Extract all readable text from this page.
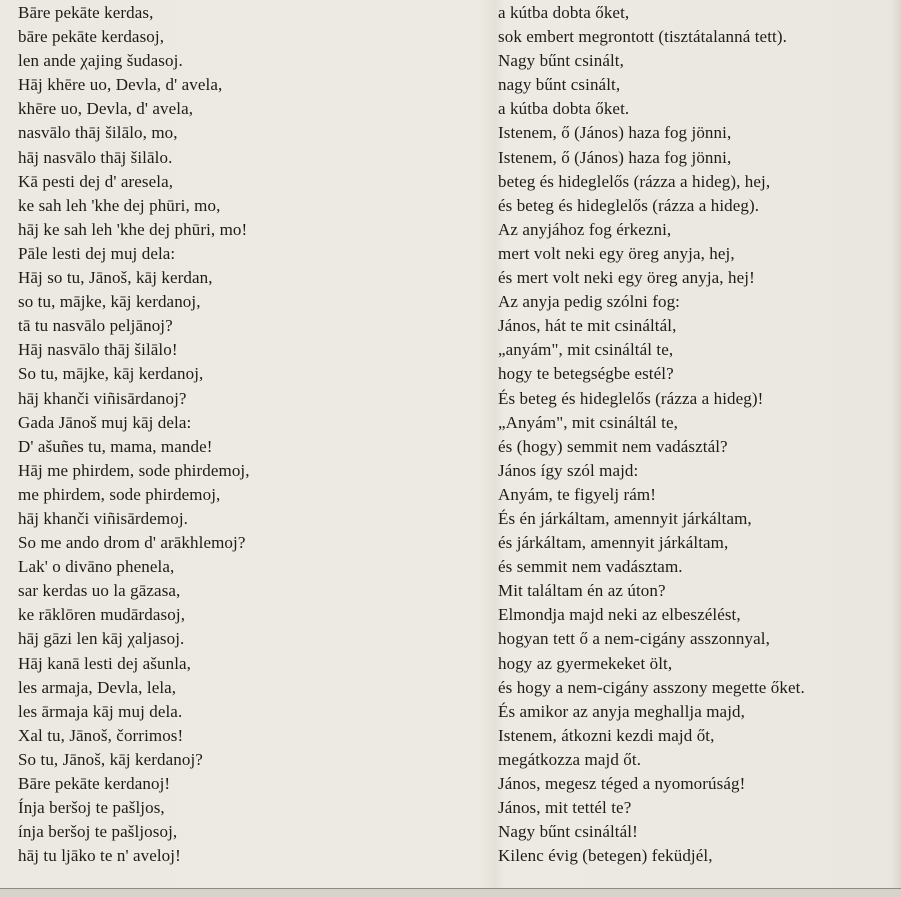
Bāre pekāte kerdas,
bāre pekāte kerdasoj,
len ande χajing šudasoj.
Hāj khēre uo, Devla, d' avela,
khēre uo, Devla, d' avela,
nasvālo thāj šilālo, mo,
hāj nasvālo thāj šilālo.
Kā pesti dej d' aresela,
ke sah leh 'khe dej phūri, mo,
hāj ke sah leh 'khe dej phūri, mo!
Pāle lesti dej muj dela:
Hāj so tu, Jānoš, kāj kerdan,
so tu, mājke, kāj kerdanoj,
tā tu nasvālo peljānoj?
Hāj nasvālo thāj šilālo!
So tu, mājke, kāj kerdanoj,
hāj khanči viñisārdanoj?
Gada Jānoš muj kāj dela:
D' ašuñes tu, mama, mande!
Hāj me phirdem, sode phirdemoj,
me phirdem, sode phirdemoj,
hāj khanči viñisārdemoj.
So me ando drom d' arākhlemoj?
Lak' o divāno phenela,
sar kerdas uo la gāzasa,
ke rāklōren mudārdasoj,
hāj gāzi len kāj χaljasoj.
Hāj kanā lesti dej ašunla,
les armaja, Devla, lela,
les ārmaja kāj muj dela.
Xal tu, Jānoš, čorrimos!
So tu, Jānoš, kāj kerdanoj?
Bāre pekāte kerdanoj!
Ínja beršoj te pašljos,
ínja beršoj te pašljosoj,
hāj tu ljāko te n' aveloj!
a kútba dobta őket,
sok embert megrontott (tisztátalanná tett).
Nagy bűnt csinált,
nagy bűnt csinált,
a kútba dobta őket.
Istenem, ő (János) haza fog jönni,
Istenem, ő (János) haza fog jönni,
beteg és hideglelős (rázza a hideg), hej,
és beteg és hideglelős (rázza a hideg).
Az anyjához fog érkezni,
mert volt neki egy öreg anyja, hej,
és mert volt neki egy öreg anyja, hej!
Az anyja pedig szólni fog:
János, hát te mit csináltál,
„anyám", mit csináltál te,
hogy te betegségbe estél?
És beteg és hideglelős (rázza a hideg)!
„Anyám", mit csináltál te,
és (hogy) semmit nem vadásztál?
János így szól majd:
Anyám, te figyelj rám!
És én járkáltam, amennyit járkáltam,
és járkáltam, amennyit járkáltam,
és semmit nem vadásztam.
Mit találtam én az úton?
Elmondja majd neki az elbeszélést,
hogyan tett ő a nem-cigány asszonnyal,
hogy az gyermekeket ölt,
és hogy a nem-cigány asszony megette őket.
És amikor az anyja meghallja majd,
Istenem, átkozni kezdi majd őt,
megátkozza majd őt.
János, megesz téged a nyomorúság!
János, mit tettél te?
Nagy bűnt csináltál!
Kilenc évig (betegen) feküdjél,
